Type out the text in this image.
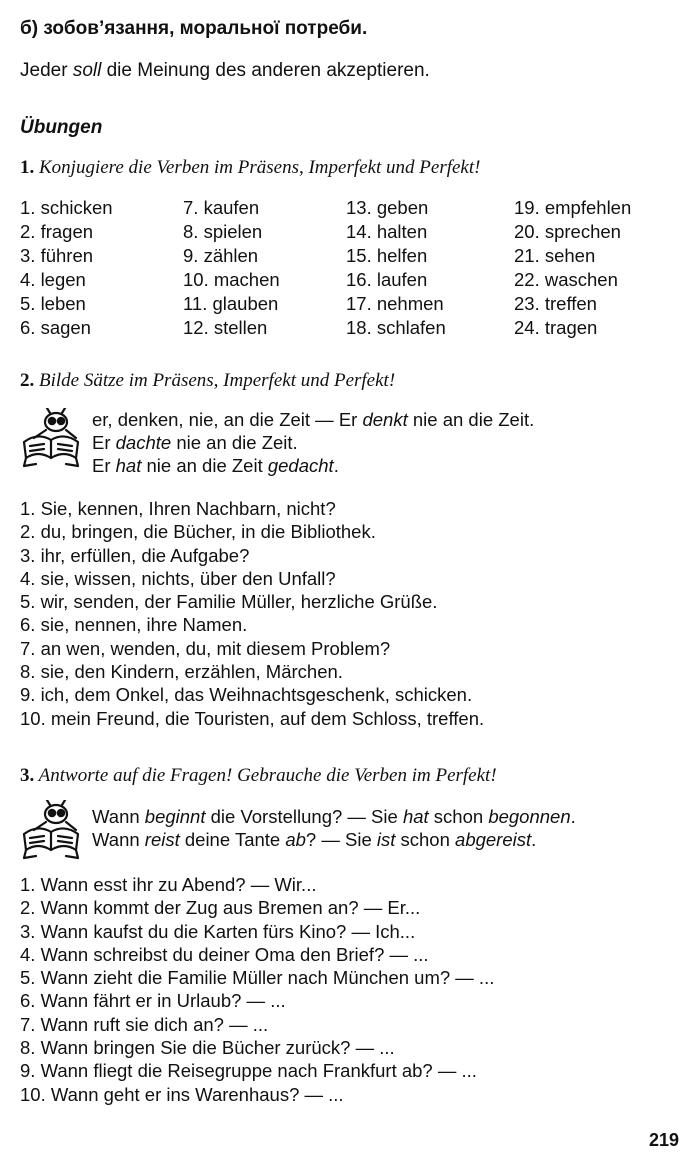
б) зобов’язання, моральної потреби.
Jeder soll die Meinung des anderen akzeptieren.
Übungen
1. Konjugiere die Verben im Präsens, Imperfekt und Perfekt!
1. schicken
2. fragen
3. führen
4. legen
5. leben
6. sagen
7. kaufen
8. spielen
9. zählen
10. machen
11. glauben
12. stellen
13. geben
14. halten
15. helfen
16. laufen
17. nehmen
18. schlafen
19. empfehlen
20. sprechen
21. sehen
22. waschen
23. treffen
24. tragen
2. Bilde Sätze im Präsens, Imperfekt und Perfekt!
er, denken, nie, an die Zeit — Er denkt nie an die Zeit.
Er dachte nie an die Zeit.
Er hat nie an die Zeit gedacht.
1. Sie, kennen, Ihren Nachbarn, nicht?
2. du, bringen, die Bücher, in die Bibliothek.
3. ihr, erfüllen, die Aufgabe?
4. sie, wissen, nichts, über den Unfall?
5. wir, senden, der Familie Müller, herzliche Grüße.
6. sie, nennen, ihre Namen.
7. an wen, wenden, du, mit diesem Problem?
8. sie, den Kindern, erzählen, Märchen.
9. ich, dem Onkel, das Weihnachtsgeschenk, schicken.
10. mein Freund, die Touristen, auf dem Schloss, treffen.
3. Antworte auf die Fragen! Gebrauche die Verben im Perfekt!
Wann beginnt die Vorstellung? — Sie hat schon begonnen.
Wann reist deine Tante ab? — Sie ist schon abgereist.
1. Wann esst ihr zu Abend? — Wir...
2. Wann kommt der Zug aus Bremen an? — Er...
3. Wann kaufst du die Karten fürs Kino? — Ich...
4. Wann schreibst du deiner Oma den Brief? — ...
5. Wann zieht die Familie Müller nach München um? — ...
6. Wann fährt er in Urlaub? — ...
7. Wann ruft sie dich an? — ...
8. Wann bringen Sie die Bücher zurück? — ...
9. Wann fliegt die Reisegruppe nach Frankfurt ab? — ...
10. Wann geht er ins Warenhaus? — ...
219
